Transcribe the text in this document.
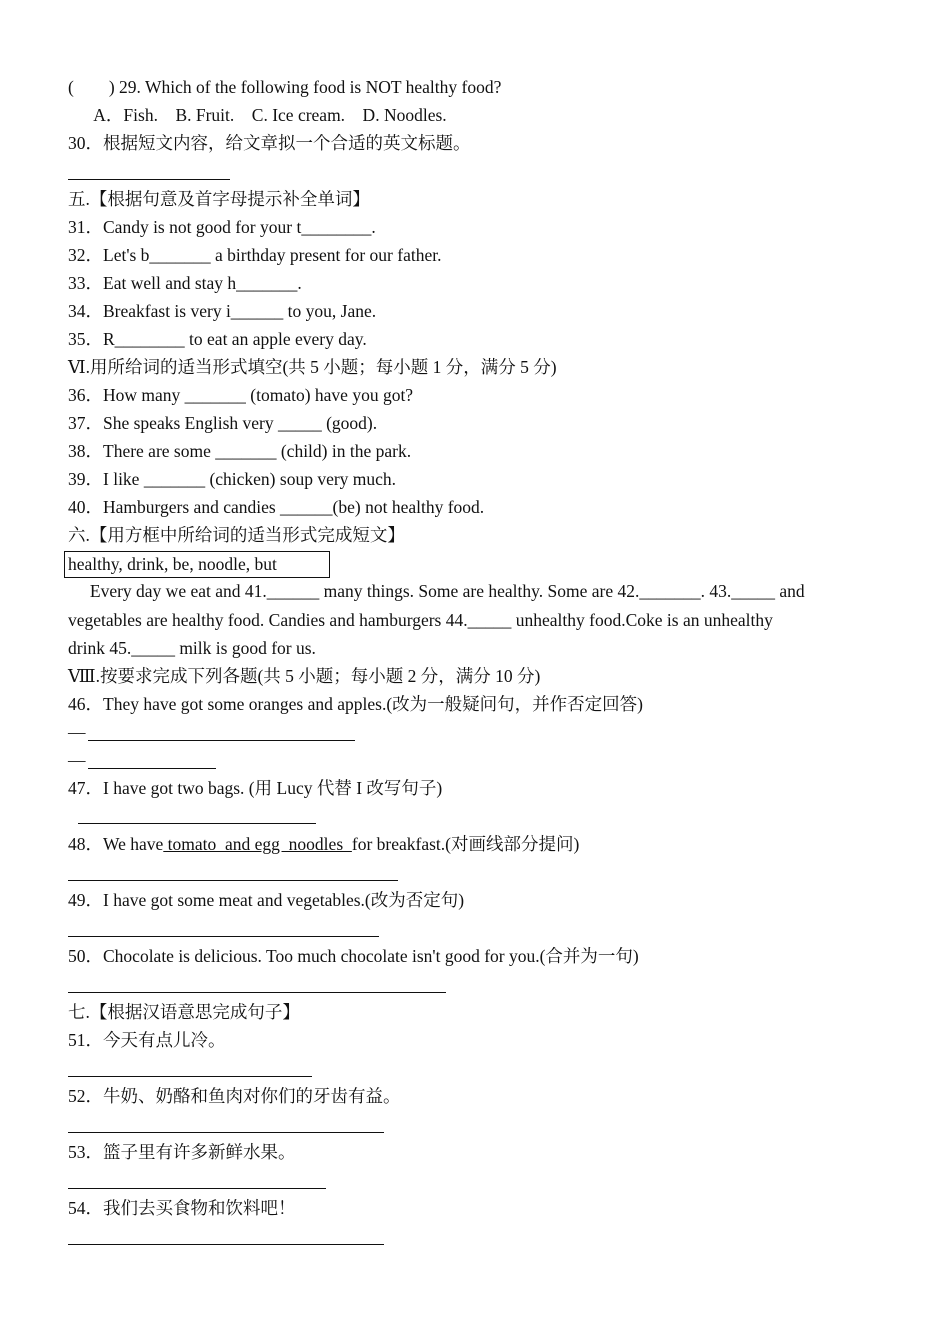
(        ) 29. Which of the following food is NOT healthy food?
A．Fish.    B. Fruit.    C. Ice cream.    D. Noodles.
30．根据短文内容，给文章拟一个合适的英文标题。
五.【根据句意及首字母提示补全单词】
31．Candy is not good for your t________.
32．Let's b_______ a birthday present for our father.
33．Eat well and stay h_______.
34．Breakfast is very i______ to you, Jane.
35．R________ to eat an apple every day.
Ⅵ.用所给词的适当形式填空(共 5 小题；每小题 1 分，满分 5 分)
36．How many _______ (tomato) have you got?
37．She speaks English very _____ (good).
38．There are some _______ (child) in the park.
39．I like _______ (chicken) soup very much.
40．Hamburgers and candies ______(be) not healthy food.
六.【用方框中所给词的适当形式完成短文】
healthy, drink, be, noodle, but
Every day we eat and 41.______ many things. Some are healthy. Some are 42._______. 43._____ and
vegetables are healthy food. Candies and hamburgers 44._____ unhealthy food.Coke is an unhealthy
drink 45._____ milk is good for us.
Ⅷ.按要求完成下列各题(共 5 小题；每小题 2 分，满分 10 分)
46．They have got some oranges and apples.(改为一般疑问句，并作否定回答)
—
—
47．I have got two bags. (用 Lucy 代替 I 改写句子)
48．We have tomato  and egg  noodles  for breakfast.(对画线部分提问)
49．I have got some meat and vegetables.(改为否定句)
50．Chocolate is delicious. Too much chocolate isn't good for you.(合并为一句)
七.【根据汉语意思完成句子】
51．今天有点儿冷。
52．牛奶、奶酪和鱼肉对你们的牙齿有益。
53．篮子里有许多新鲜水果。
54．我们去买食物和饮料吧！
